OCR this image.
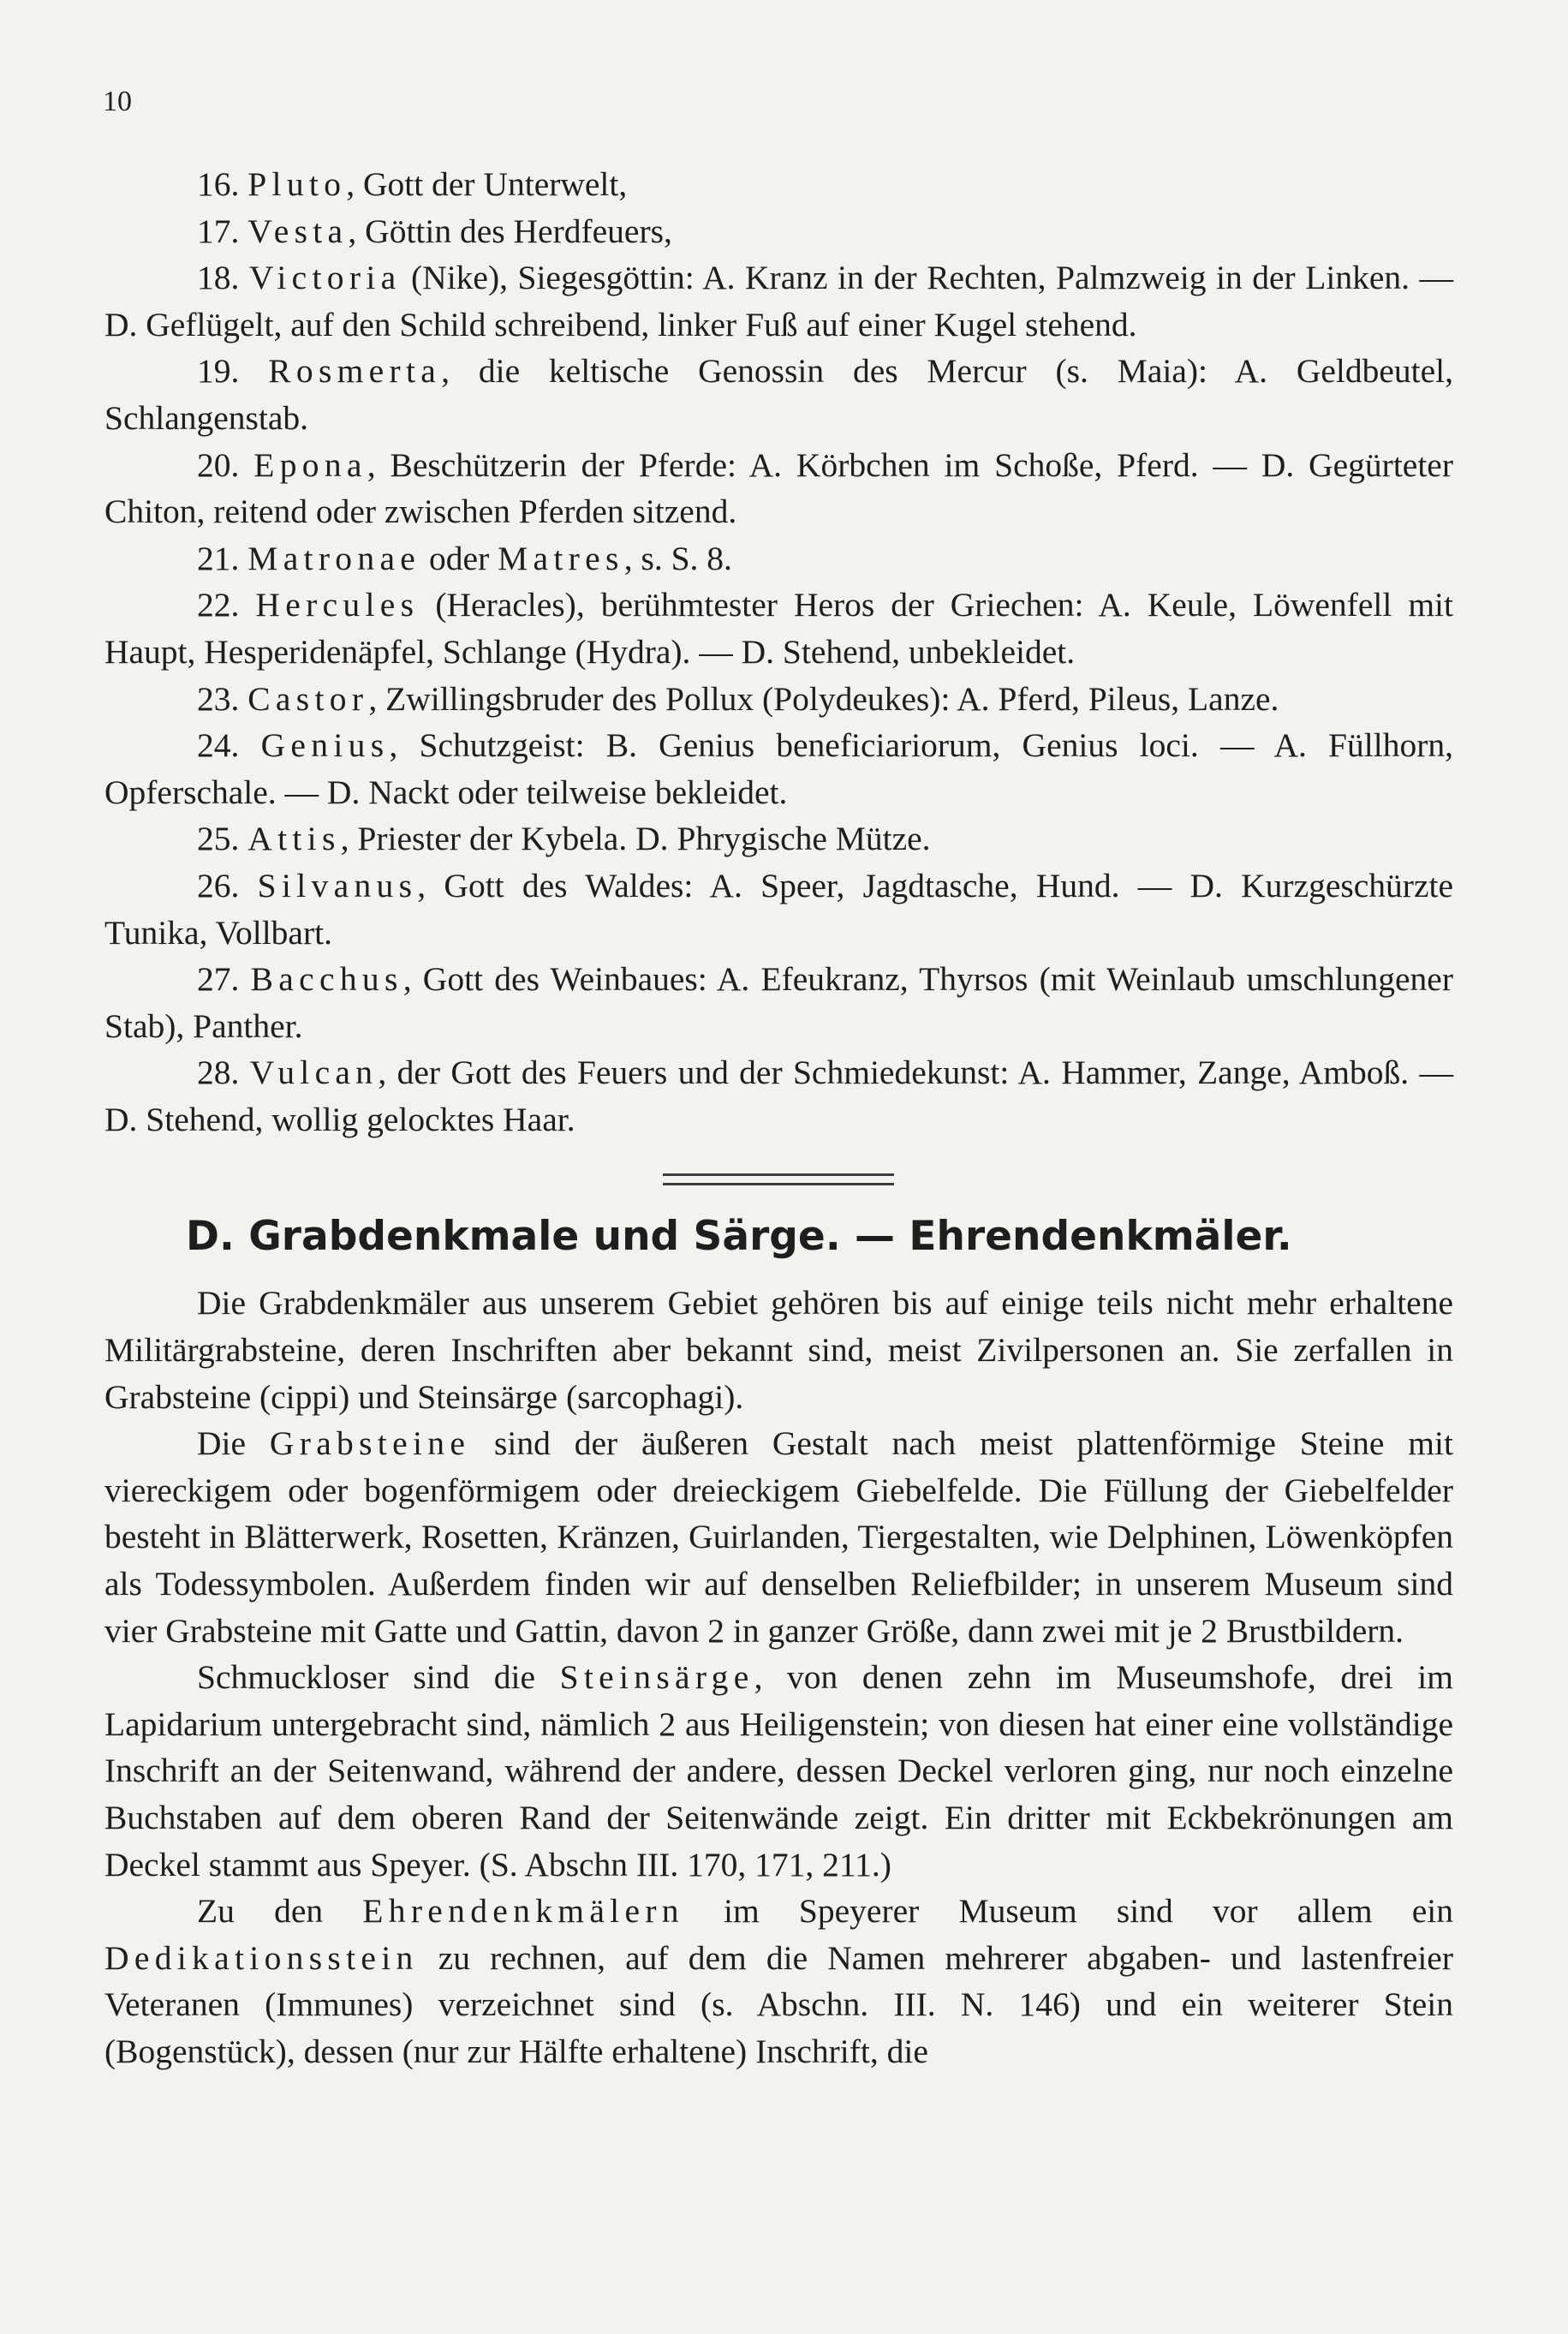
10

16. Pluto, Gott der Unterwelt,

17. Vesta, Göttin des Herdfeuers,

18. Victoria (Nike), Siegesgöttin: A. Kranz in der Rechten, Palmzweig in der Linken. — D. Geflügelt, auf den Schild schreibend, linker Fuß auf einer Kugel stehend.

19. Rosmerta, die keltische Genossin des Mercur (s. Maia): A. Geldbeutel, Schlangenstab.

20. Epona, Beschützerin der Pferde: A. Körbchen im Schoße, Pferd. — D. Gegürteter Chiton, reitend oder zwischen Pferden sitzend.

21. Matronae oder Matres, s. S. 8.

22. Hercules (Heracles), berühmtester Heros der Griechen: A. Keule, Löwenfell mit Haupt, Hesperidenäpfel, Schlange (Hydra). — D. Stehend, unbekleidet.

23. Castor, Zwillingsbruder des Pollux (Polydeukes): A. Pferd, Pileus, Lanze.

24. Genius, Schutzgeist: B. Genius beneficiariorum, Genius loci. — A. Füllhorn, Opferschale. — D. Nackt oder teilweise bekleidet.

25. Attis, Priester der Kybela. D. Phrygische Mütze.

26. Silvanus, Gott des Waldes: A. Speer, Jagdtasche, Hund. — D. Kurzgeschürzte Tunika, Vollbart.

27. Bacchus, Gott des Weinbaues: A. Efeukranz, Thyrsos (mit Weinlaub umschlungener Stab), Panther.

28. Vulcan, der Gott des Feuers und der Schmiedekunst: A. Hammer, Zange, Amboß. — D. Stehend, wollig gelocktes Haar.

D. Grabdenkmale und Särge. — Ehrendenkmäler.

Die Grabdenkmäler aus unserem Gebiet gehören bis auf einige teils nicht mehr erhaltene Militärgrabsteine, deren Inschriften aber bekannt sind, meist Zivilpersonen an. Sie zerfallen in Grabsteine (cippi) und Steinsärge (sarcophagi).

Die Grabsteine sind der äußeren Gestalt nach meist plattenförmige Steine mit viereckigem oder bogenförmigem oder dreieckigem Giebelfelde. Die Füllung der Giebelfelder besteht in Blätterwerk, Rosetten, Kränzen, Guirlanden, Tiergestalten, wie Delphinen, Löwenköpfen als Todessymbolen. Außerdem finden wir auf denselben Reliefbilder; in unserem Museum sind vier Grabsteine mit Gatte und Gattin, davon 2 in ganzer Größe, dann zwei mit je 2 Brustbildern.

Schmuckloser sind die Steinsärge, von denen zehn im Museumshofe, drei im Lapidarium untergebracht sind, nämlich 2 aus Heiligenstein; von diesen hat einer eine vollständige Inschrift an der Seitenwand, während der andere, dessen Deckel verloren ging, nur noch einzelne Buchstaben auf dem oberen Rand der Seitenwände zeigt. Ein dritter mit Eckbekrönungen am Deckel stammt aus Speyer. (S. Abschn III. 170, 171, 211.)

Zu den Ehrendenkmälern im Speyerer Museum sind vor allem ein Dedikationsstein zu rechnen, auf dem die Namen mehrerer abgaben- und lastenfreier Veteranen (Immunes) verzeichnet sind (s. Abschn. III. N. 146) und ein weiterer Stein (Bogenstück), dessen (nur zur Hälfte erhaltene) Inschrift, die
